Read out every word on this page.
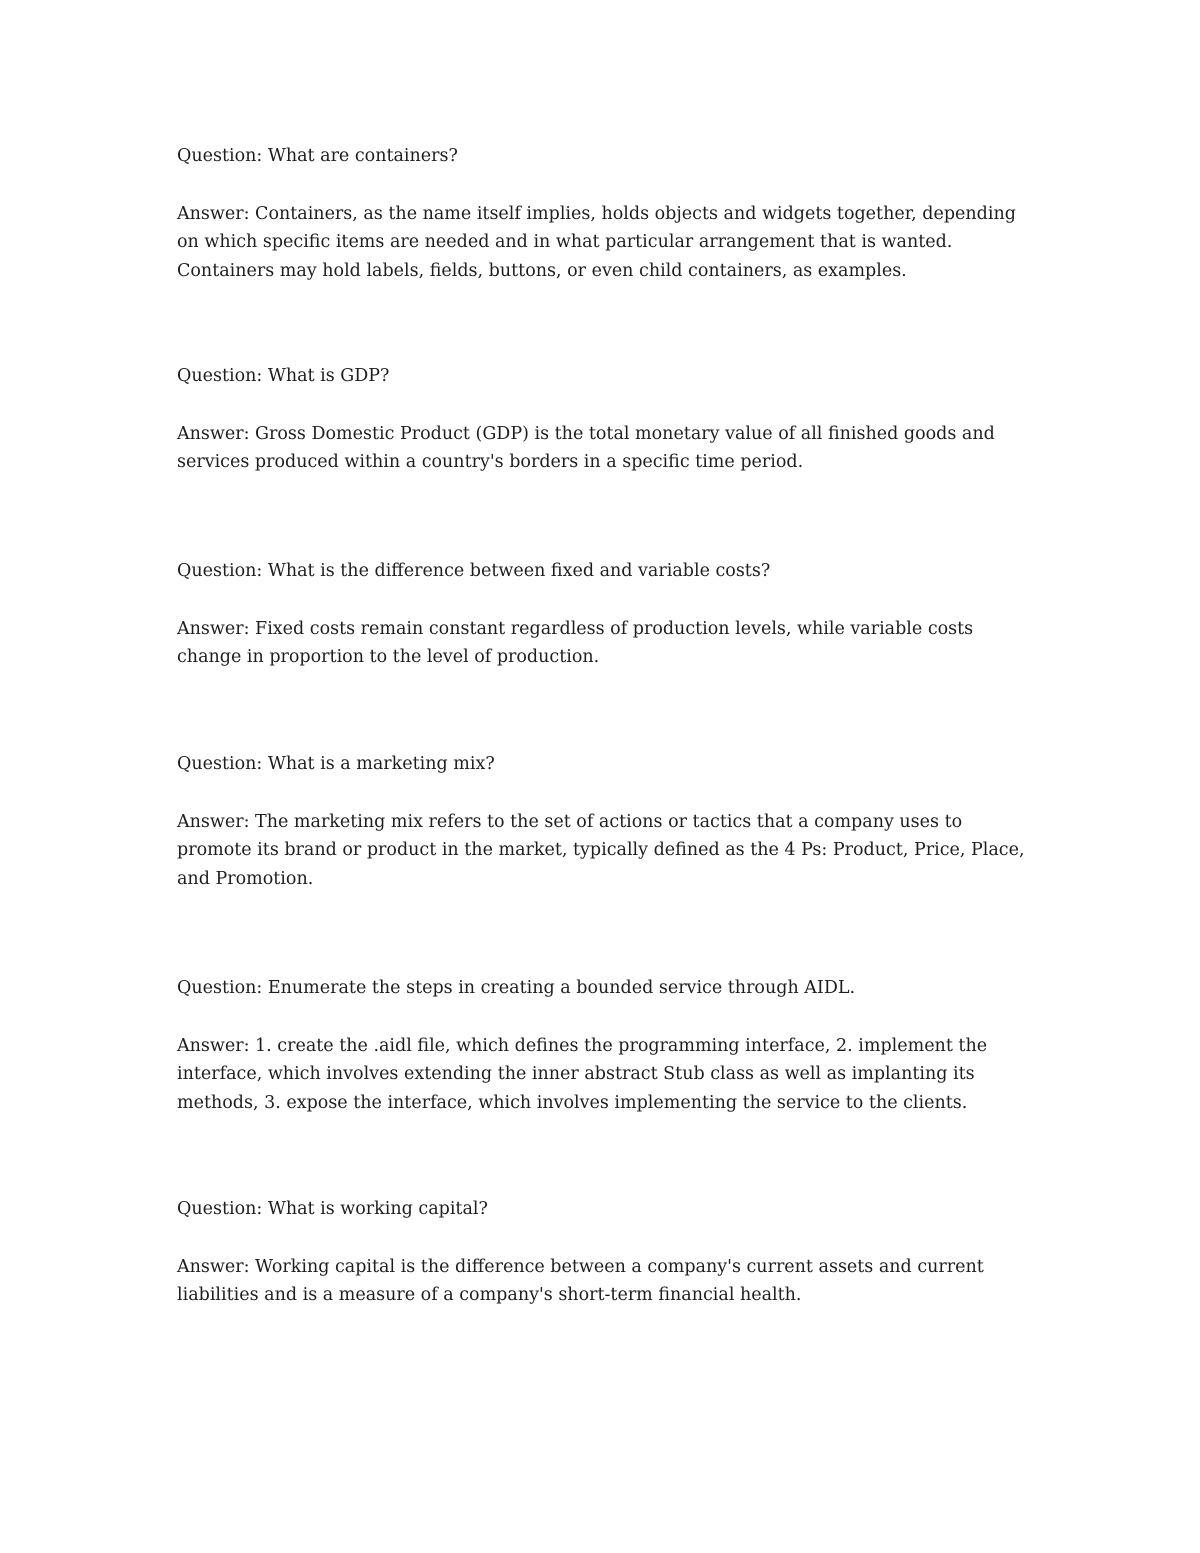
Question: What are containers?

Answer: Containers, as the name itself implies, holds objects and widgets together, depending on which specific items are needed and in what particular arrangement that is wanted. Containers may hold labels, fields, buttons, or even child containers, as examples.

Question: What is GDP?

Answer: Gross Domestic Product (GDP) is the total monetary value of all finished goods and services produced within a country's borders in a specific time period.

Question: What is the difference between fixed and variable costs?

Answer: Fixed costs remain constant regardless of production levels, while variable costs change in proportion to the level of production.

Question: What is a marketing mix?

Answer: The marketing mix refers to the set of actions or tactics that a company uses to promote its brand or product in the market, typically defined as the 4 Ps: Product, Price, Place, and Promotion.

Question: Enumerate the steps in creating a bounded service through AIDL.

Answer: 1. create the .aidl file, which defines the programming interface, 2. implement the interface, which involves extending the inner abstract Stub class as well as implanting its methods, 3. expose the interface, which involves implementing the service to the clients.

Question: What is working capital?

Answer: Working capital is the difference between a company's current assets and current liabilities and is a measure of a company's short-term financial health.
